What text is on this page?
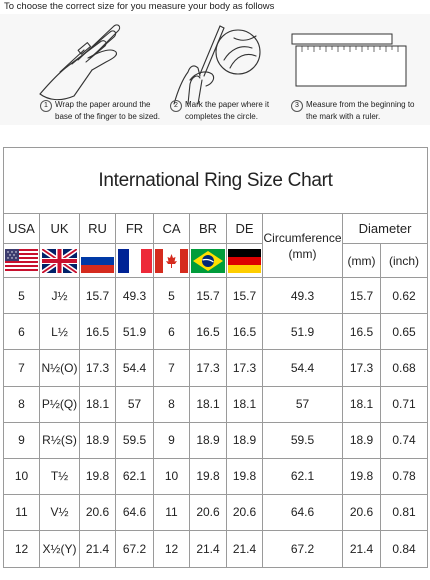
To choose the correct size for you measure your body as follows
1 Wrap the paper around the
base of the finger to be sized.
2 Mark the paper where it
completes the circle.
3 Measure from the beginning to
the mark with a ruler.
International Ring Size Chart									
USA	UK	RU	FR	CA	BR	DE	Circumference
(mm)	Diameter	

	(mm)	(inch)
5	J½	15.7	49.3	5	15.7	15.7	49.3	15.7	0.62
6	L½	16.5	51.9	6	16.5	16.5	51.9	16.5	0.65
7	N½(O)	17.3	54.4	7	17.3	17.3	54.4	17.3	0.68
8	P½(Q)	18.1	57	8	18.1	18.1	57	18.1	0.71
9	R½(S)	18.9	59.5	9	18.9	18.9	59.5	18.9	0.74
10	T½	19.8	62.1	10	19.8	19.8	62.1	19.8	0.78
11	V½	20.6	64.6	11	20.6	20.6	64.6	20.6	0.81
12	X½(Y)	21.4	67.2	12	21.4	21.4	67.2	21.4	0.84
